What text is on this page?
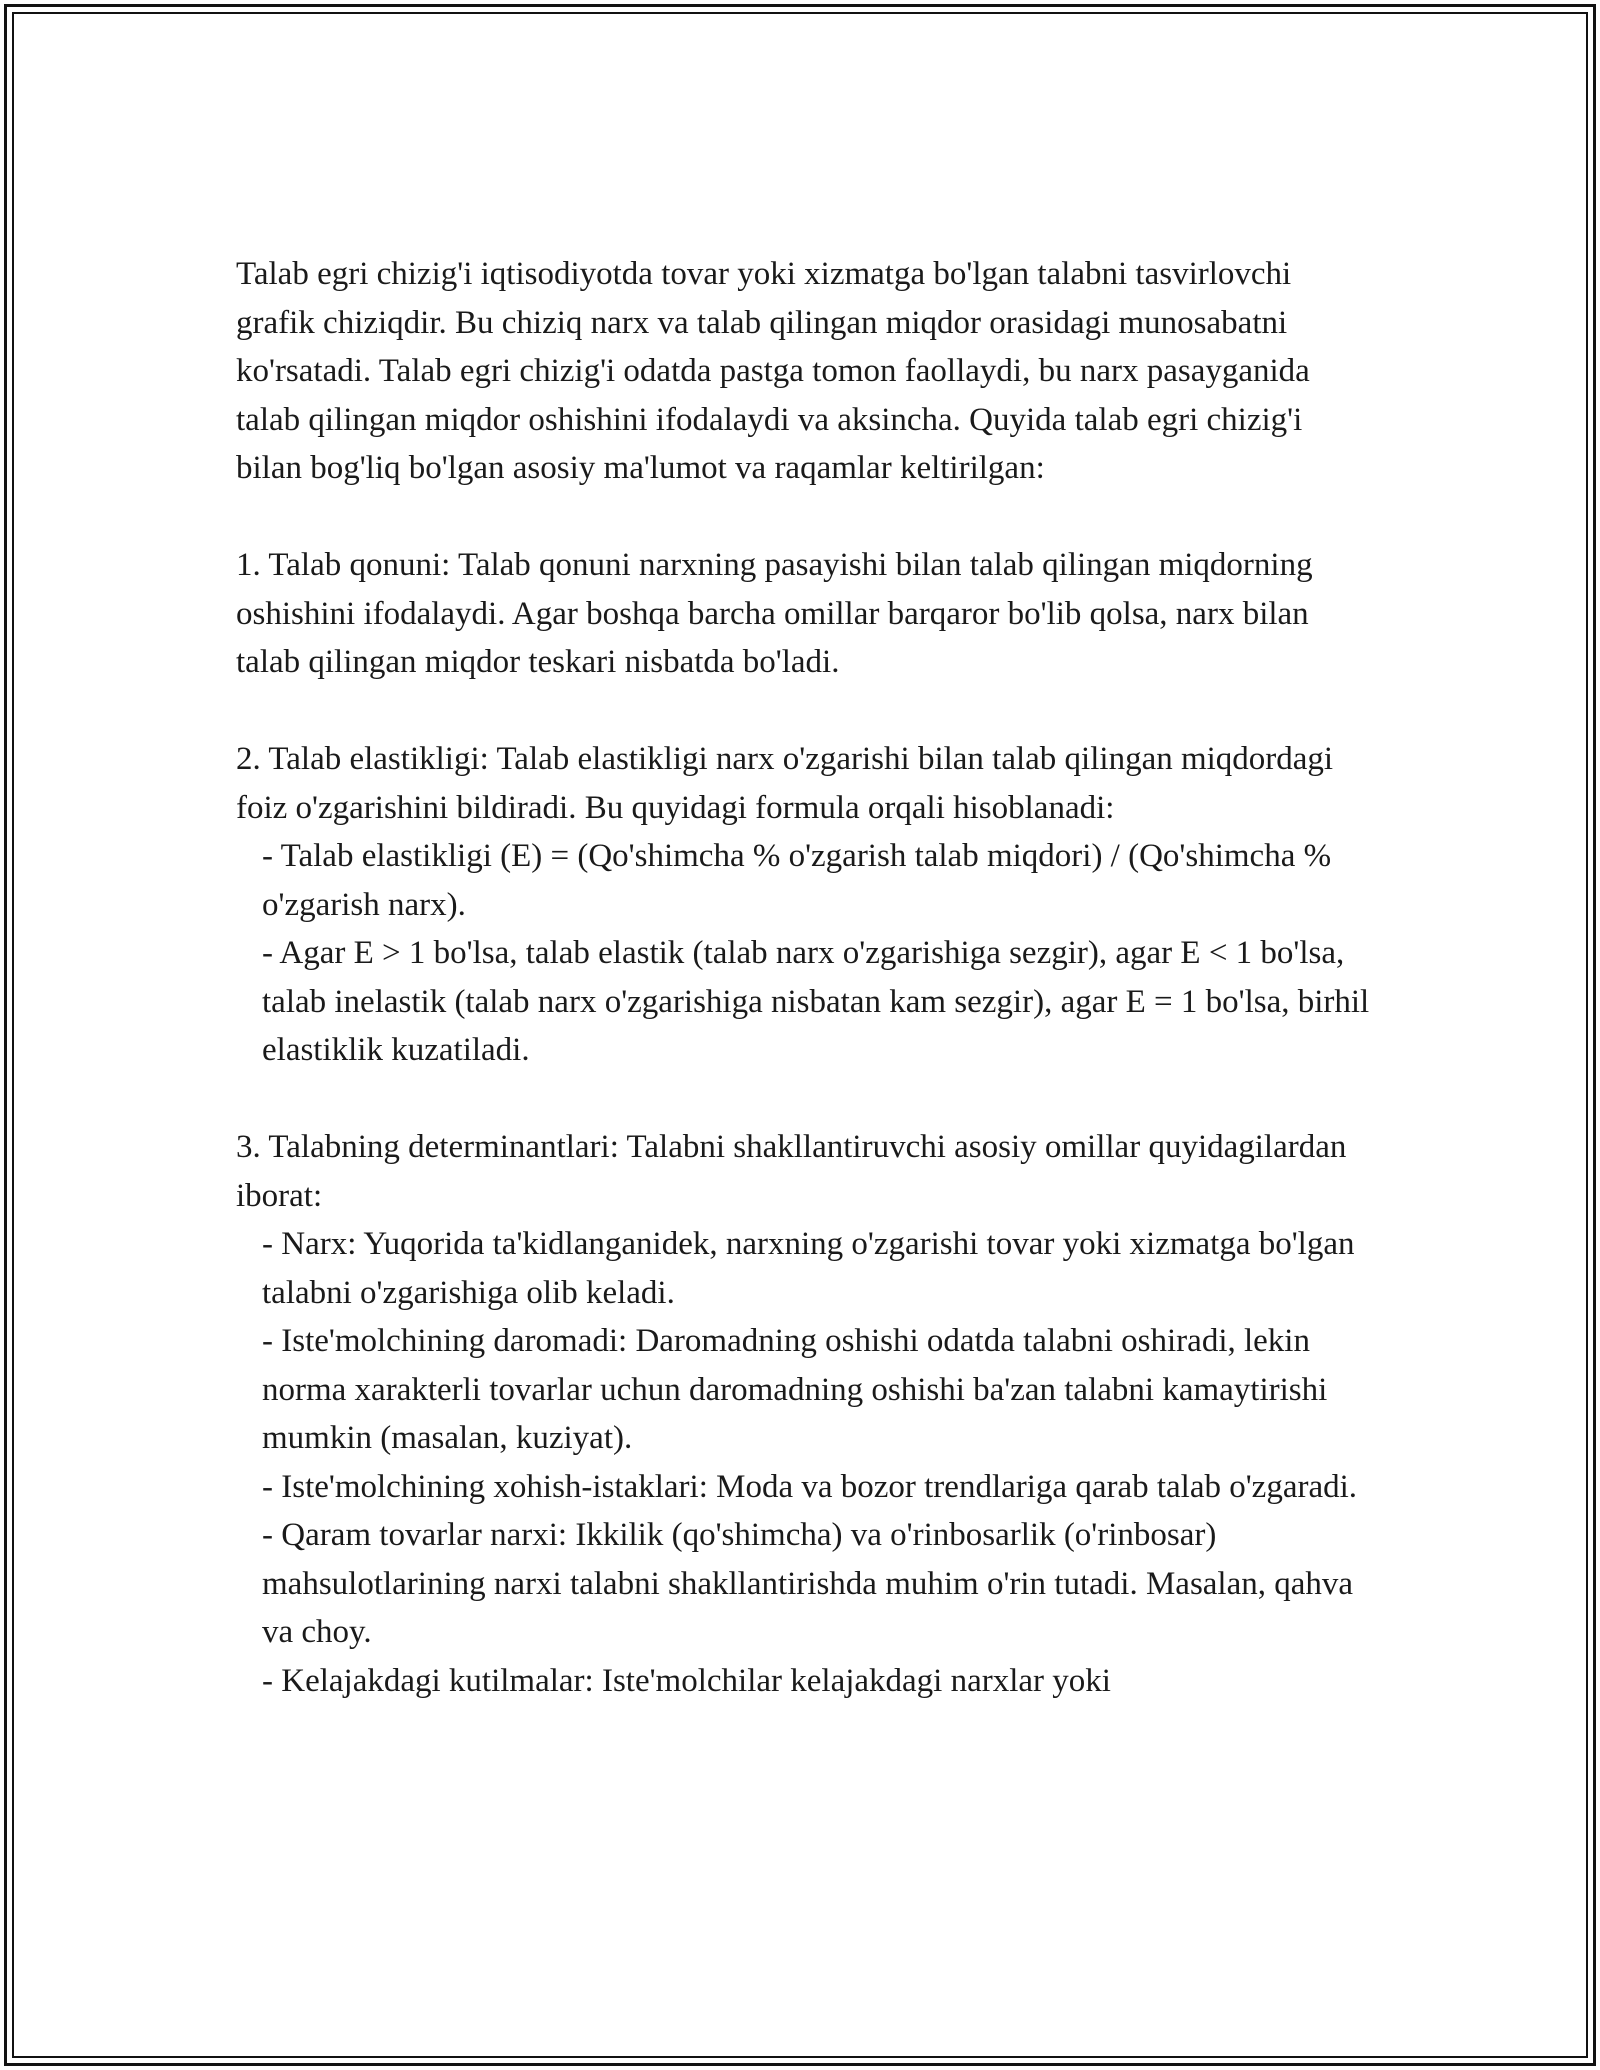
Talab egri chizig'i iqtisodiyotda tovar yoki xizmatga bo'lgan talabni tasvirlovchi grafik chiziqdir. Bu chiziq narx va talab qilingan miqdor orasidagi munosabatni ko'rsatadi. Talab egri chizig'i odatda pastga tomon faollaydi, bu narx pasayganida talab qilingan miqdor oshishini ifodalaydi va aksincha. Quyida talab egri chizig'i bilan bog'liq bo'lgan asosiy ma'lumot va raqamlar keltirilgan:

1. Talab qonuni: Talab qonuni narxning pasayishi bilan talab qilingan miqdorning oshishini ifodalaydi. Agar boshqa barcha omillar barqaror bo'lib qolsa, narx bilan talab qilingan miqdor teskari nisbatda bo'ladi.

2. Talab elastikligi: Talab elastikligi narx o'zgarishi bilan talab qilingan miqdordagi foiz o'zgarishini bildiradi. Bu quyidagi formula orqali hisoblanadi:

- Talab elastikligi (E) = (Qo'shimcha % o'zgarish talab miqdori) / (Qo'shimcha % o'zgarish narx).

- Agar E > 1 bo'lsa, talab elastik (talab narx o'zgarishiga sezgir), agar E < 1 bo'lsa, talab inelastik (talab narx o'zgarishiga nisbatan kam sezgir), agar E = 1 bo'lsa, birhil elastiklik kuzatiladi.

3. Talabning determinantlari: Talabni shakllantiruvchi asosiy omillar quyidagilardan iborat:

- Narx: Yuqorida ta'kidlanganidek, narxning o'zgarishi tovar yoki xizmatga bo'lgan talabni o'zgarishiga olib keladi.

- Iste'molchining daromadi: Daromadning oshishi odatda talabni oshiradi, lekin norma xarakterli tovarlar uchun daromadning oshishi ba'zan talabni kamaytirishi mumkin (masalan, kuziyat).

- Iste'molchining xohish-istaklari: Moda va bozor trendlariga qarab talab o'zgaradi.

- Qaram tovarlar narxi: Ikkilik (qo'shimcha) va o'rinbosarlik (o'rinbosar) mahsulotlarining narxi talabni shakllantirishda muhim o'rin tutadi. Masalan, qahva va choy.

- Kelajakdagi kutilmalar: Iste'molchilar kelajakdagi narxlar yoki
